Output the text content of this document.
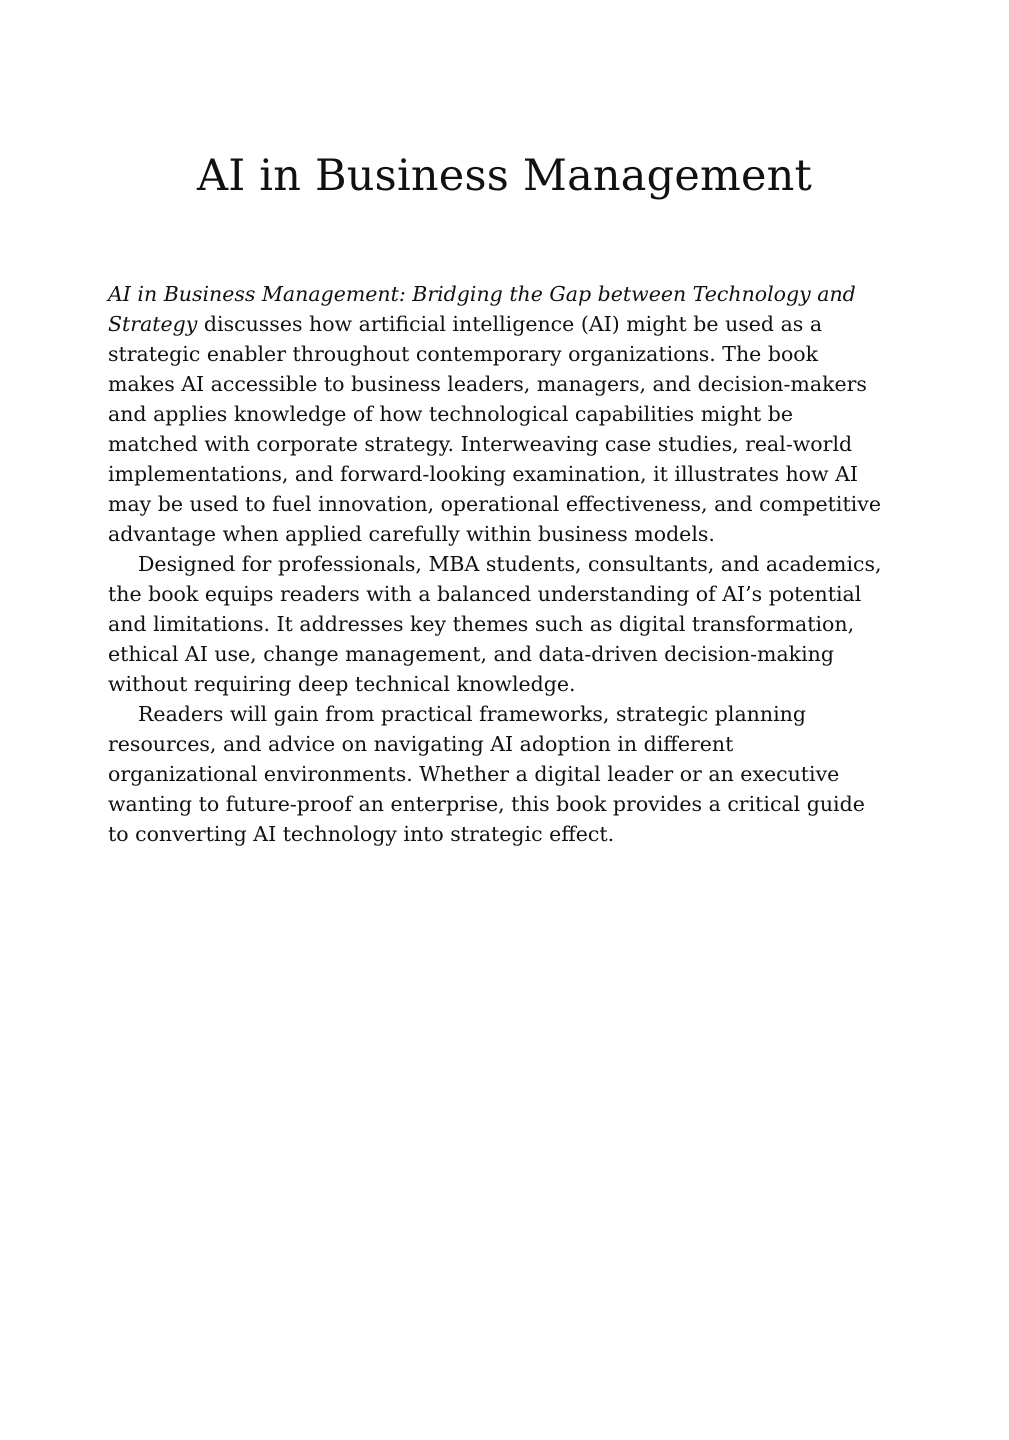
AI in Business Management

AI in Business Management: Bridging the Gap between Technology and Strategy discusses how artificial intelligence (AI) might be used as a strategic enabler throughout contemporary organizations. The book makes AI accessible to business leaders, managers, and decision-makers and applies knowledge of how technological capabilities might be matched with corporate strategy. Interweaving case studies, real-world implementations, and forward-looking examination, it illustrates how AI may be used to fuel innovation, operational effectiveness, and competitive advantage when applied carefully within business models.

Designed for professionals, MBA students, consultants, and academics, the book equips readers with a balanced understanding of AI’s potential and limitations. It addresses key themes such as digital transformation, ethical AI use, change management, and data-driven decision-making without requiring deep technical knowledge.

Readers will gain from practical frameworks, strategic planning resources, and advice on navigating AI adoption in different organizational environments. Whether a digital leader or an executive wanting to future-proof an enterprise, this book provides a critical guide to converting AI technology into strategic effect.
